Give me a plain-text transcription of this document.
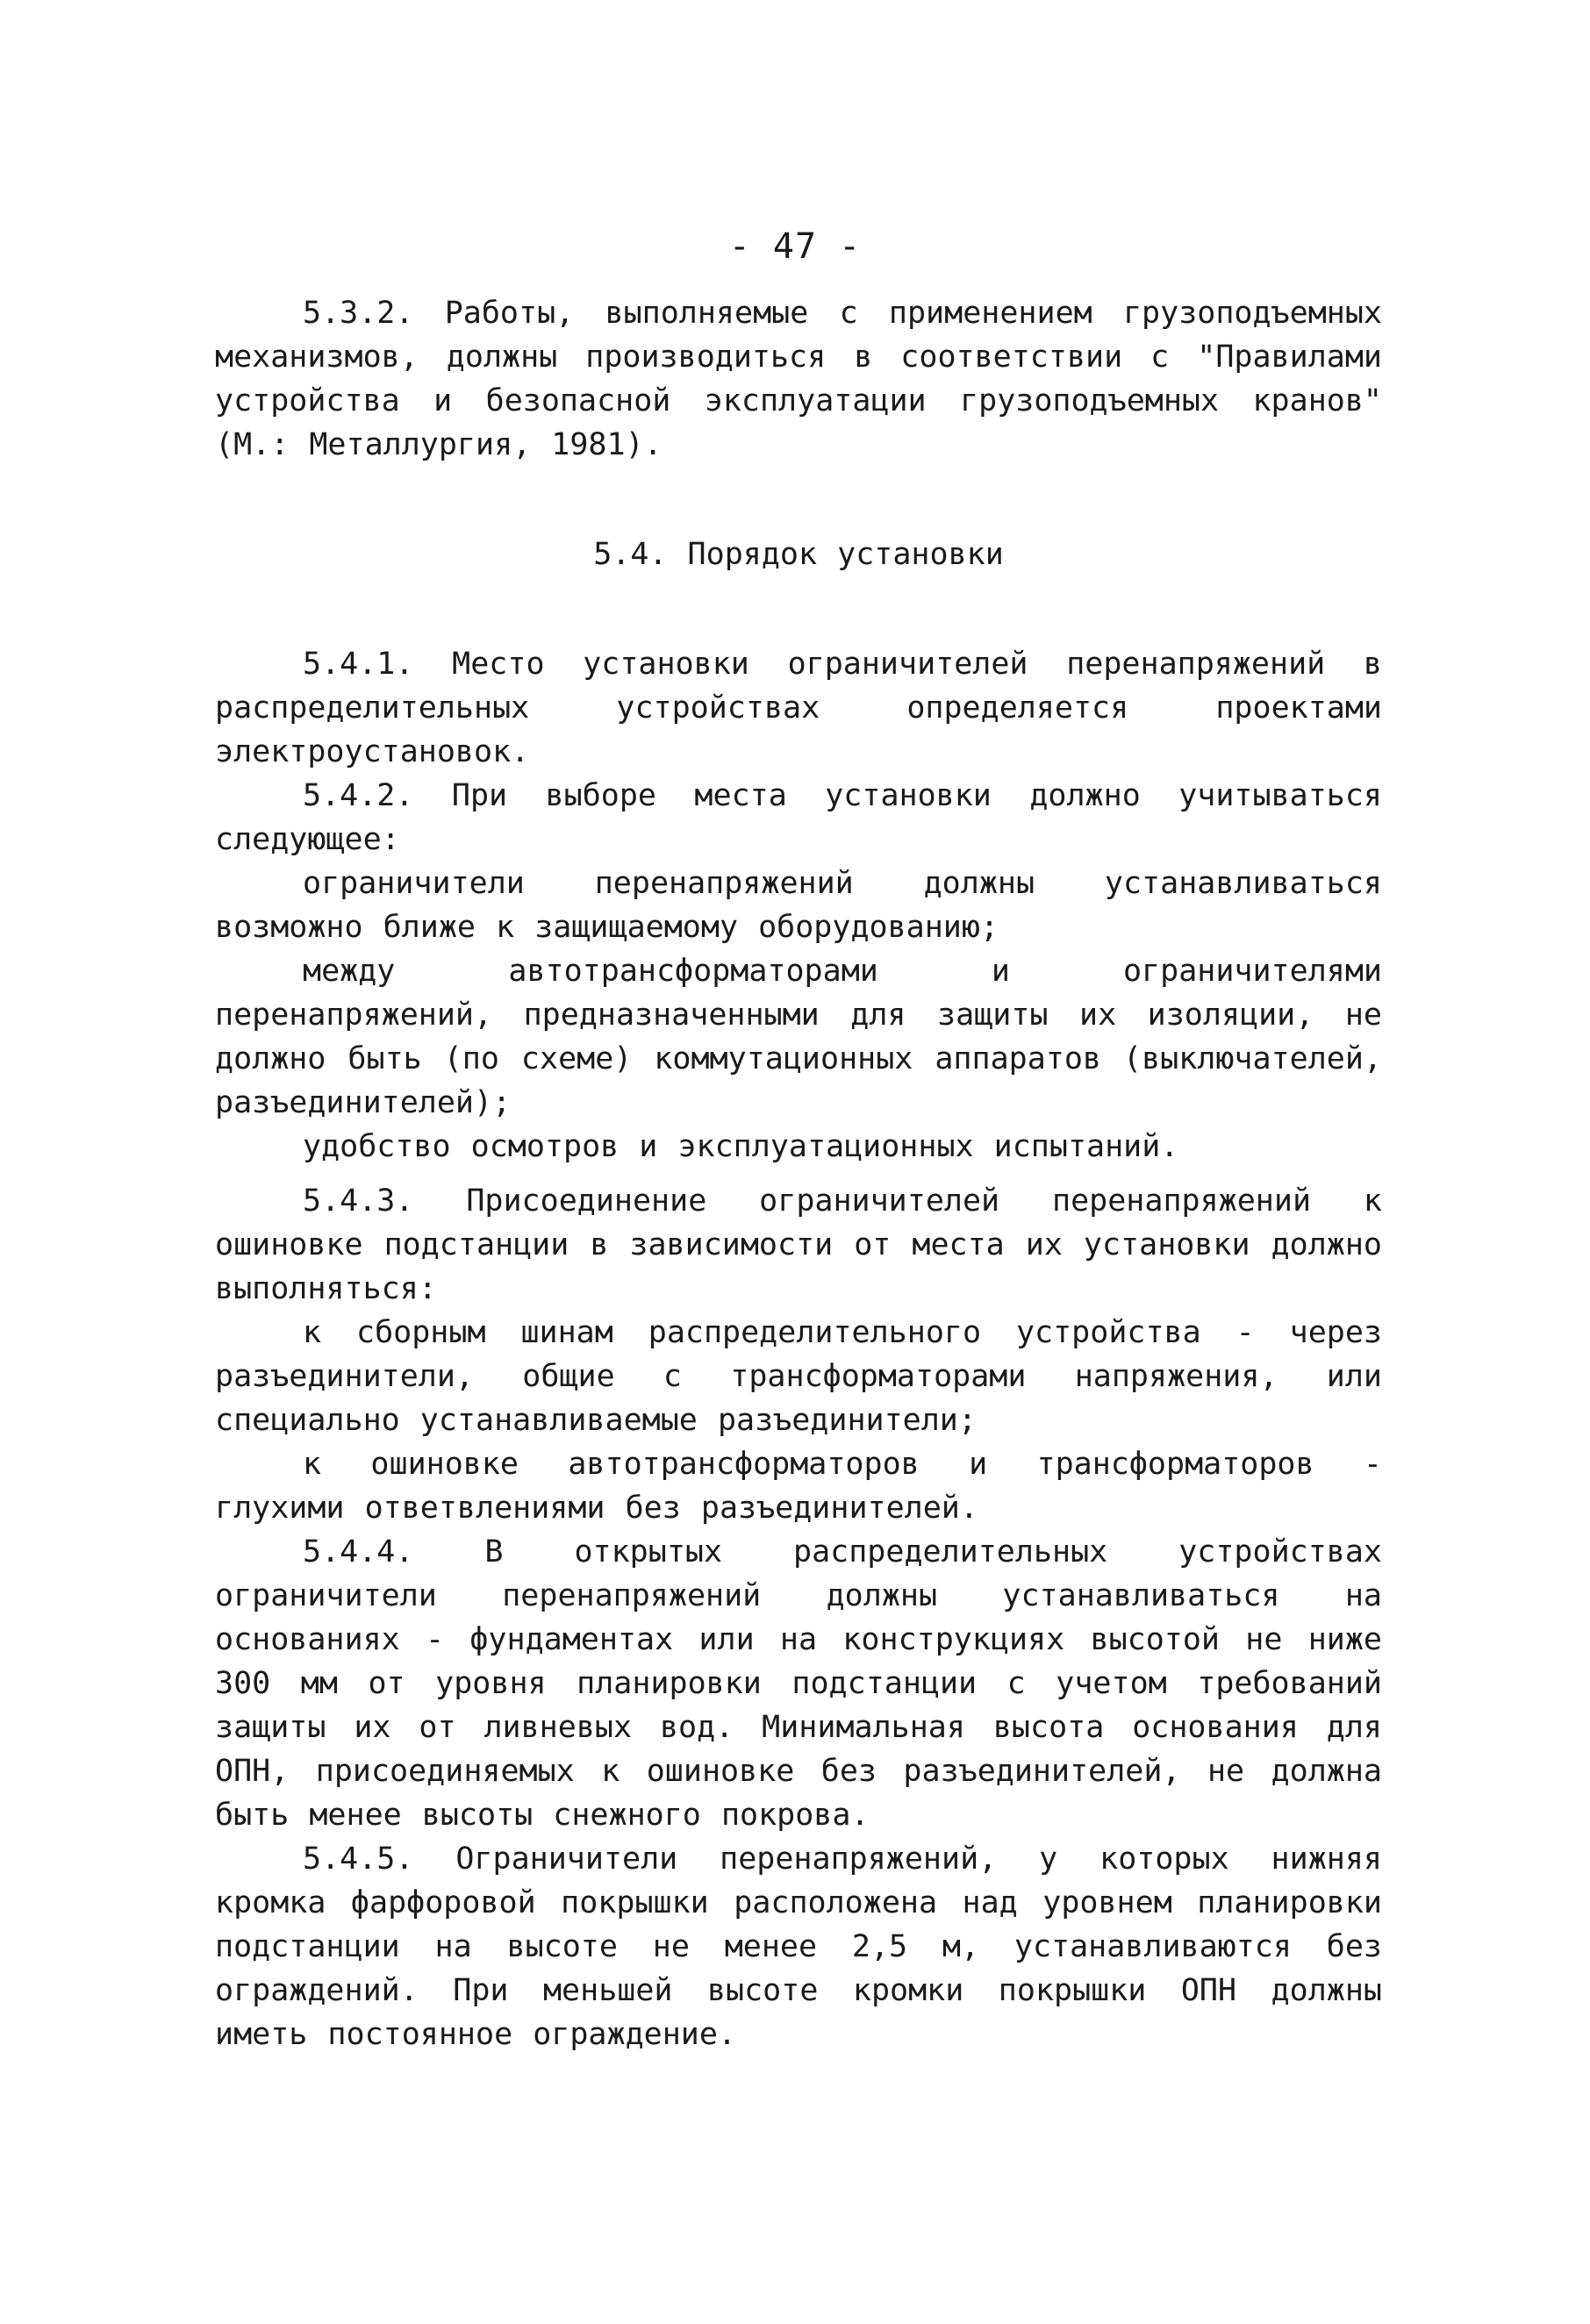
- 47 -

5.3.2. Работы, выполняемые с применением грузоподъемных механизмов, должны производиться в соответствии с "Правилами устройства и безопасной эксплуатации грузоподъемных кранов" (М.: Металлургия, 1981).

5.4. Порядок установки

5.4.1. Место установки ограничителей перенапряжений в распределительных устройствах определяется проектами электроустановок.

5.4.2. При выборе места установки должно учитываться следующее:

ограничители перенапряжений должны устанавливаться возможно ближе к защищаемому оборудованию;

между автотрансформаторами и ограничителями перенапряжений, предназначенными для защиты их изоляции, не должно быть (по схеме) коммутационных аппаратов (выключателей, разъединителей);

удобство осмотров и эксплуатационных испытаний.

5.4.3. Присоединение ограничителей перенапряжений к ошиновке подстанции в зависимости от места их установки должно выполняться:

к сборным шинам распределительного устройства - через разъединители, общие с трансформаторами напряжения, или специально устанавливаемые разъединители;

к ошиновке автотрансформаторов и трансформаторов - глухими ответвлениями без разъединителей.

5.4.4. В открытых распределительных устройствах ограничители перенапряжений должны устанавливаться на основаниях - фундаментах или на конструкциях высотой не ниже 300 мм от уровня планировки подстанции с учетом требований защиты их от ливневых вод. Минимальная высота основания для ОПН, присоединяемых к ошиновке без разъединителей, не должна быть менее высоты снежного покрова.

5.4.5. Ограничители перенапряжений, у которых нижняя кромка фарфоровой покрышки расположена над уровнем планировки подстанции на высоте не менее 2,5 м, устанавливаются без ограждений. При меньшей высоте кромки покрышки ОПН должны иметь постоянное ограждение.
